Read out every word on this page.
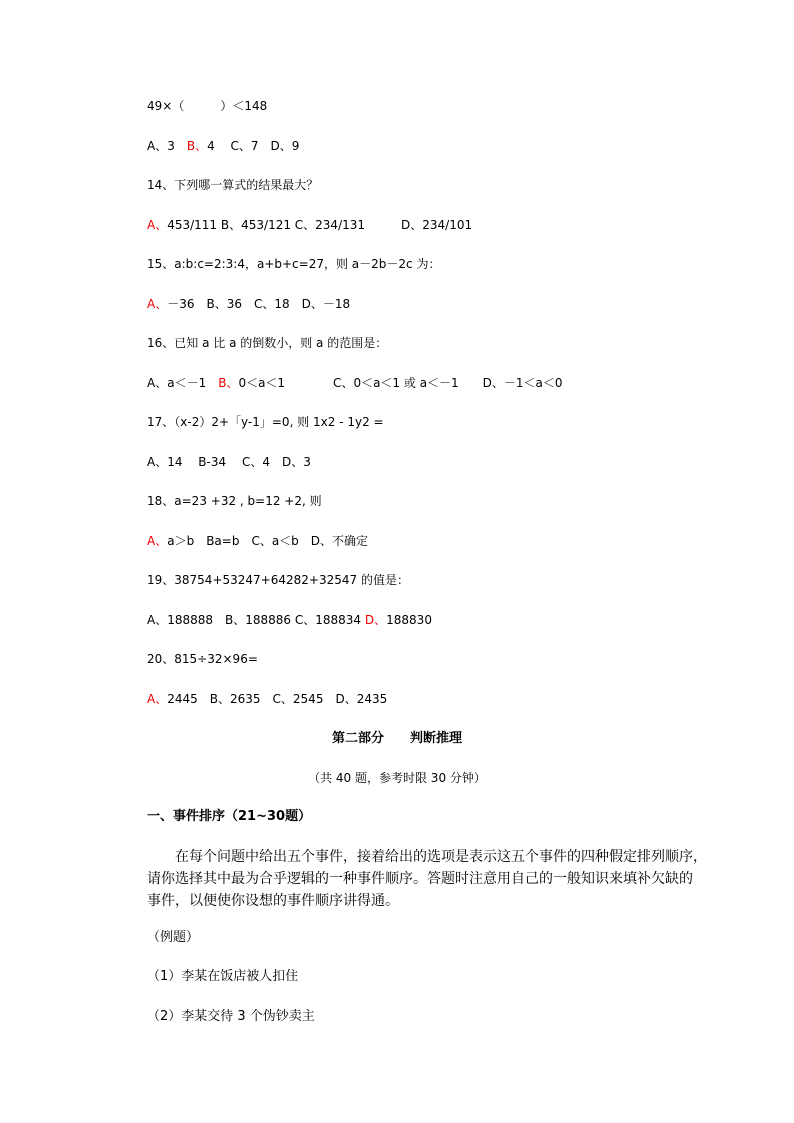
49×（　　　）＜148
A、3　B、4　 C、7　D、9
14、下列哪一算式的结果最大？
A、453/111 B、453/121 C、234/131　　　D、234/101
15、a:b:c=2:3:4，a+b+c=27，则 a－2b－2c 为：
A、－36　B、36　C、18　D、－18
16、已知 a 比 a 的倒数小，则 a 的范围是：
A、a＜－1　B、0＜a＜1　　　　C、0＜a＜1 或 a＜－1　　D、－1＜a＜0
17、（x-2）2+「y-1」=0, 则 1x2 - 1y2 =
A、14　 B-34　 C、4　D、3
18、a=23 +32 , b=12 +2, 则
A、a＞b　Ba=b　C、a＜b　D、不确定
19、38754+53247+64282+32547 的值是：
A、188888　B、188886 C、188834 D、188830
20、815÷32×96=
A、2445　B、2635　C、2545　D、2435
第二部分　　判断推理
（共 40 题，参考时限 30 分钟）
一、事件排序（21~30题）
　　在每个问题中给出五个事件，接着给出的选项是表示这五个事件的四种假定排列顺序，
请你选择其中最为合乎逻辑的一种事件顺序。答题时注意用自己的一般知识来填补欠缺的
事件，以便使你设想的事件顺序讲得通。
（例题）
（1）李某在饭店被人扣住
（2）李某交待 3 个伪钞卖主
